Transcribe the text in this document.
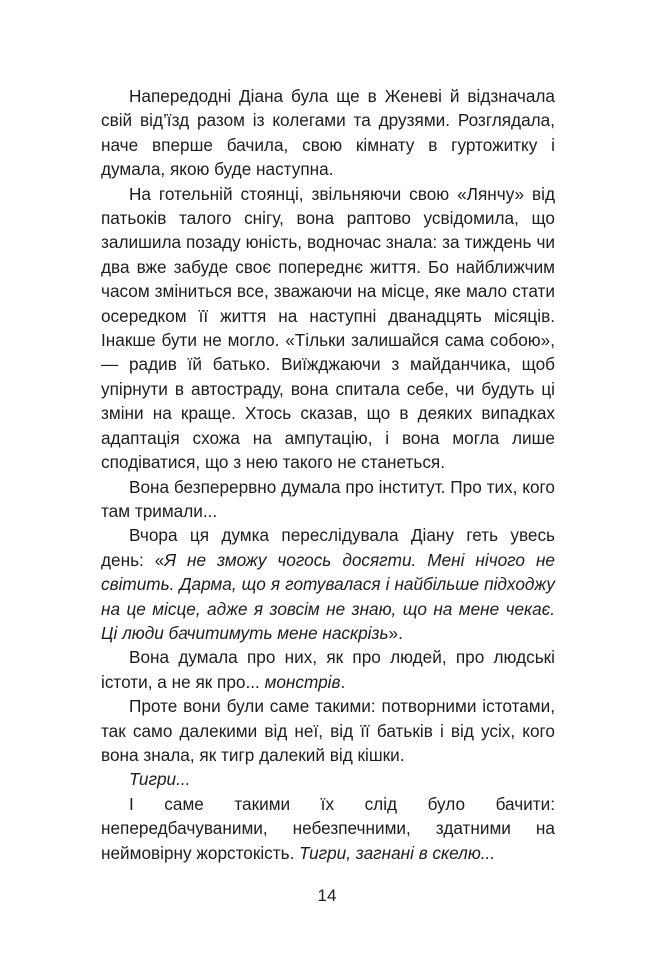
Напередодні Діана була ще в Женеві й відзначала свій від’їзд разом із колегами та друзями. Розглядала, наче вперше бачила, свою кімнату в гуртожитку і думала, якою буде наступна.

На готельній стоянці, звільняючи свою «Лянчу» від патьоків талого снігу, вона раптово усвідомила, що залишила позаду юність, водночас знала: за тиждень чи два вже забуде своє попереднє життя. Бо найближчим часом зміниться все, зважаючи на місце, яке мало стати осередком її життя на наступні дванадцять місяців. Інакше бути не могло. «Тільки залишайся сама собою», — радив їй батько. Виїжджаючи з майданчика, щоб упірнути в автостраду, вона спитала себе, чи будуть ці зміни на краще. Хтось сказав, що в деяких випадках адаптація схожа на ампутацію, і вона могла лише сподіватися, що з нею такого не станеться.

Вона безперервно думала про інститут. Про тих, кого там тримали...

Вчора ця думка переслідувала Діану геть увесь день: «Я не зможу чогось досягти. Мені нічого не світить. Дарма, що я готувалася і найбільше підходжу на це місце, адже я зовсім не знаю, що на мене чекає. Ці люди бачитимуть мене наскрізь».

Вона думала про них, як про людей, про людські істоти, а не як про... монстрів.

Проте вони були саме такими: потворними істотами, так само далекими від неї, від її батьків і від усіх, кого вона знала, як тигр далекий від кішки.

Тигри...

І саме такими їх слід було бачити: непередбачуваними, небезпечними, здатними на неймовірну жорстокість. Тигри, загнані в скелю...

14
